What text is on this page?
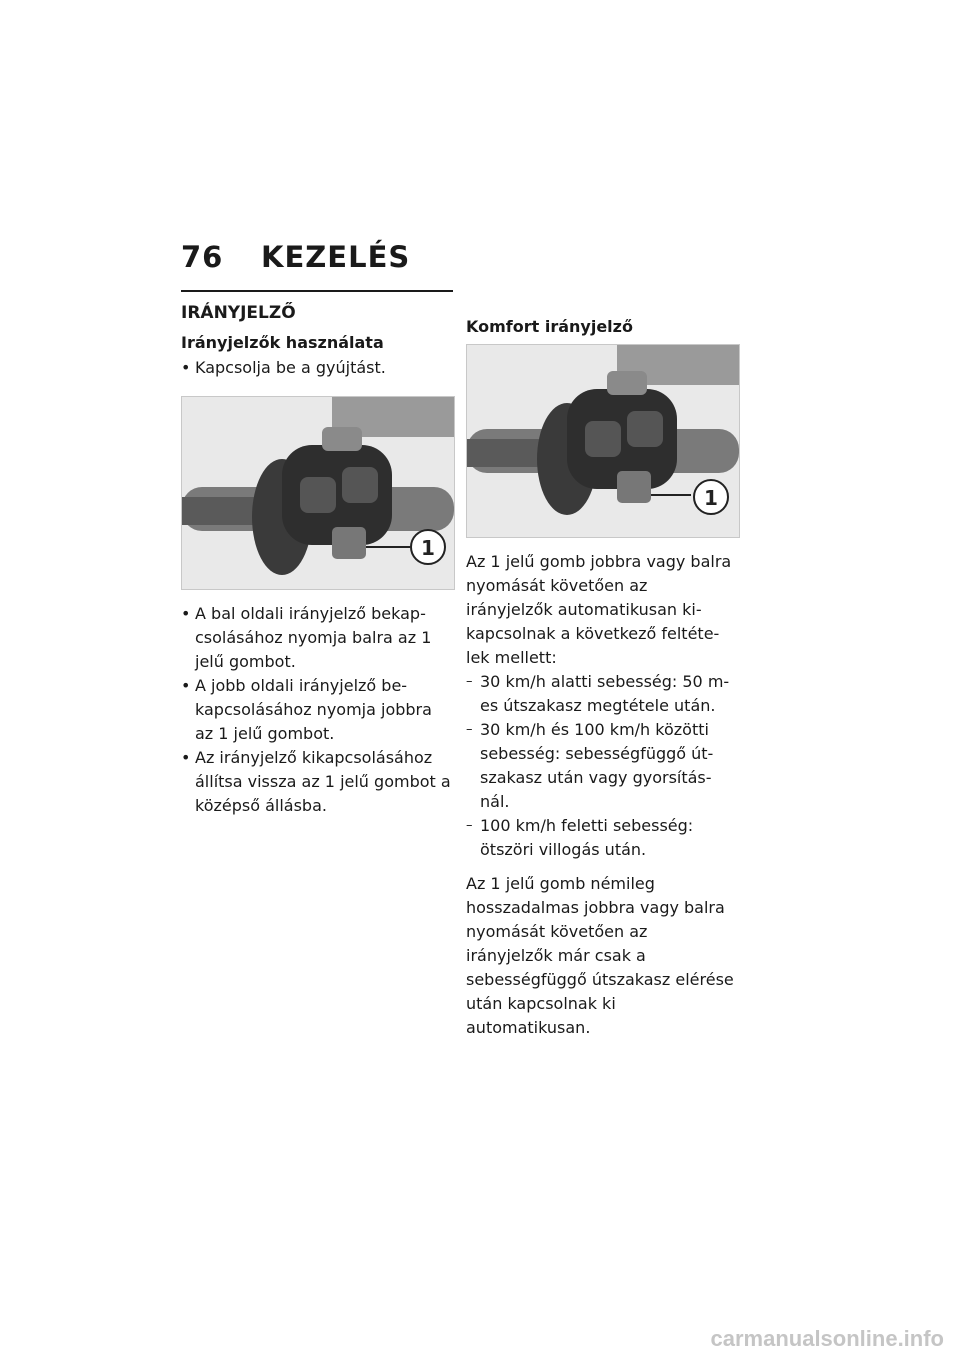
76 KEZELÉS
IRÁNYJELZŐ
Irányjelzők használata
• Kapcsolja be a gyújtást.
1
• A bal oldali irányjelző bekap-csolásához nyomja balra az 1 jelű gombot.
• A jobb oldali irányjelző be-kapcsolásához nyomja jobbra az 1 jelű gombot.
• Az irányjelző kikapcsolásához állítsa vissza az 1 jelű gombot a középső állásba.
Komfort irányjelző
1
Az 1 jelű gomb jobbra vagy balra nyomását követően az irányjelzők automatikusan ki-kapcsolnak a következő feltéte-lek mellett:
– 30 km/h alatti sebesség: 50 m-es útszakasz megtétele után.
– 30 km/h és 100 km/h közötti sebesség: sebességfüggő út-szakasz után vagy gyorsítás-nál.
– 100 km/h feletti sebesség: ötszöri villogás után.
Az 1 jelű gomb némileg hosszadalmas jobbra vagy balra nyomását követően az irányjelzők már csak a sebességfüggő útszakasz elérése után kapcsolnak ki automatikusan.
carmanualsonline.info
